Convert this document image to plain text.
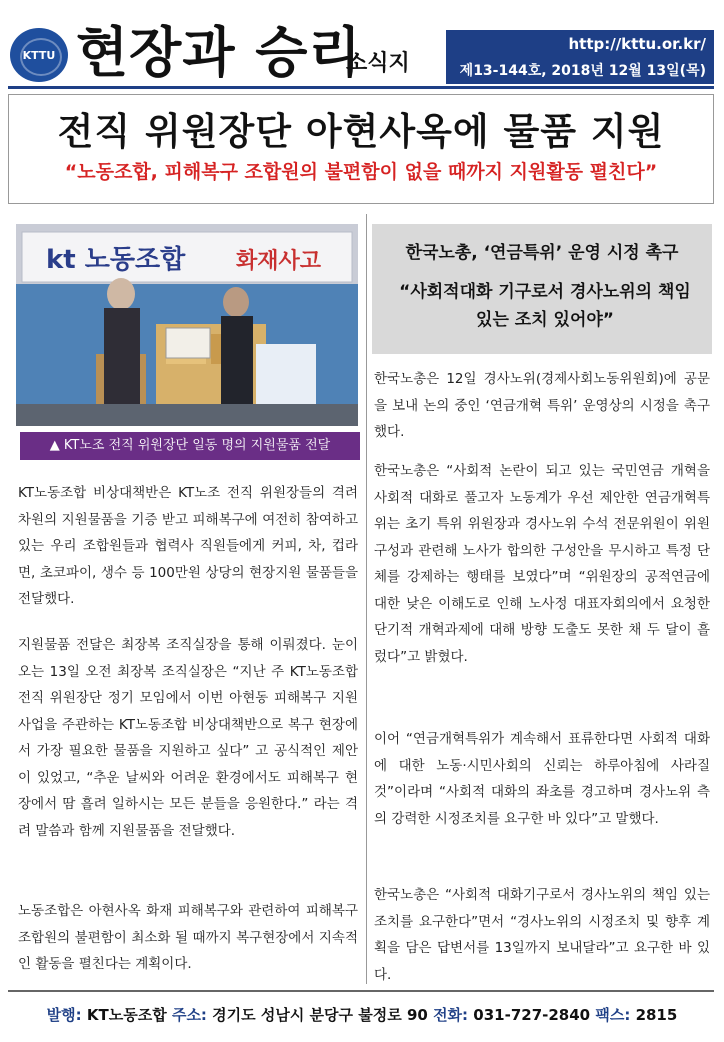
KTTU 현장과 승리
소식지
http://kttu.or.kr/
제13-144호, 2018년 12월 13일(목)
전직 위원장단 아현사옥에 물품 지원
“노동조합, 피해복구 조합원의 불편함이 없을 때까지 지원활동 펼친다”
kt 노동조합 화재사고
▲ KT노조 전직 위원장단 일동 명의 지원물품 전달

KT노동조합 비상대책반은 KT노조 전직 위원장들의 격려 차원의 지원물품을 기증 받고 피해복구에 여전히 참여하고 있는 우리 조합원들과 협력사 직원들에게 커피, 차, 컵라면, 초코파이, 생수 등 100만원 상당의 현장지원 물품들을 전달했다.

지원물품 전달은 최장복 조직실장을 통해 이뤄졌다. 눈이 오는 13일 오전 최장복 조직실장은 “지난 주 KT노동조합 전직 위원장단 정기 모임에서 이번 아현동 피해복구 지원사업을 주관하는 KT노동조합 비상대책반으로 복구 현장에서 가장 필요한 물품을 지원하고 싶다” 고 공식적인 제안이 있었고, “추운 날씨와 어려운 환경에서도 피해복구 현장에서 땀 흘려 일하시는 모든 분들을 응원한다.” 라는 격려 말씀과 함께 지원물품을 전달했다.

노동조합은 아현사옥 화재 피해복구와 관련하여 피해복구 조합원의 불편함이 최소화 될 때까지 복구현장에서 지속적인 활동을 펼친다는 계획이다.

한국노총, ‘연금특위’ 운영 시정 촉구
“사회적대화 기구로서 경사노위의 책임 있는 조치 있어야”

한국노총은 12일 경사노위(경제사회노동위원회)에 공문을 보내 논의 중인 ‘연금개혁 특위’ 운영상의 시정을 촉구했다.

한국노총은 “사회적 논란이 되고 있는 국민연금 개혁을 사회적 대화로 풀고자 노동계가 우선 제안한 연금개혁특위는 초기 특위 위원장과 경사노위 수석 전문위원이 위원구성과 관련해 노사가 합의한 구성안을 무시하고 특정 단체를 강제하는 행태를 보였다”며 “위원장의 공적연금에 대한 낮은 이해도로 인해 노사정 대표자회의에서 요청한 단기적 개혁과제에 대해 방향 도출도 못한 채 두 달이 흘렀다”고 밝혔다.

이어 “연금개혁특위가 계속해서 표류한다면 사회적 대화에 대한 노동·시민사회의 신뢰는 하루아침에 사라질 것”이라며 “사회적 대화의 좌초를 경고하며 경사노위 측의 강력한 시정조치를 요구한 바 있다”고 말했다.

한국노총은 “사회적 대화기구로서 경사노위의 책임 있는 조치를 요구한다”면서 “경사노위의 시정조치 및 향후 계획을 담은 답변서를 13일까지 보내달라”고 요구한 바 있다.

발행: KT노동조합 주소: 경기도 성남시 분당구 불정로 90 전화: 031-727-2840 팩스: 2815
